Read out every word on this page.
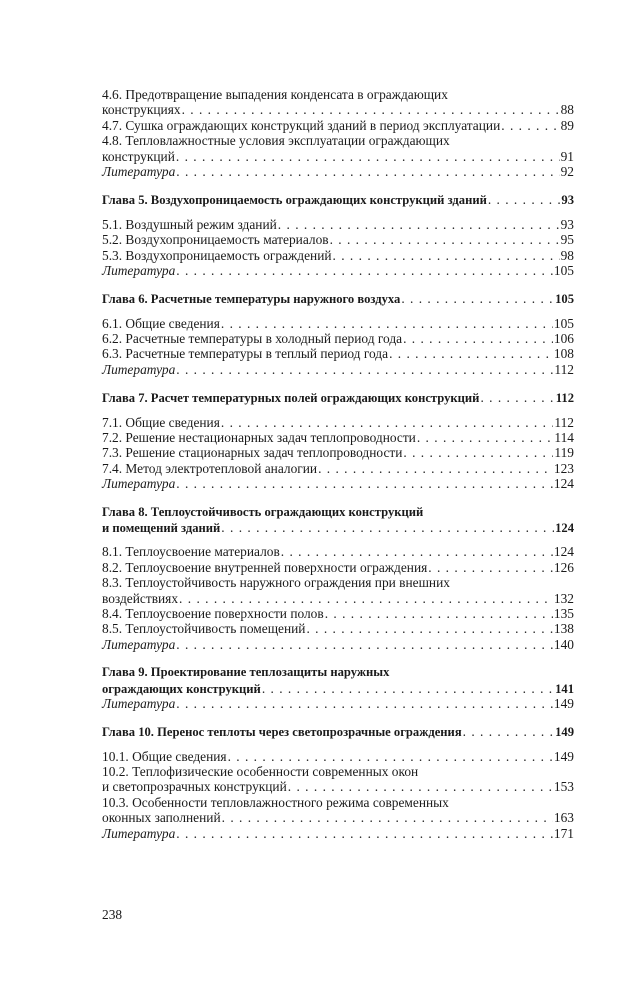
4.6. Предотвращение выпадения конденсата в ограждающих
конструкциях . . .	88
4.7. Сушка ограждающих конструкций зданий в период эксплуатации . . .	89
4.8. Тепловлажностные условия эксплуатации ограждающих
конструкций . . .	91
Литература . . .	92
Глава 5. Воздухопроницаемость ограждающих конструкций зданий . . .	93
5.1. Воздушный режим зданий . . .	93
5.2. Воздухопроницаемость материалов . . .	95
5.3. Воздухопроницаемость ограждений . . .	98
Литература . . .	105
Глава 6. Расчетные температуры наружного воздуха . . .	105
6.1. Общие сведения . . .	105
6.2. Расчетные температуры в холодный период года . . .	106
6.3. Расчетные температуры в теплый период года . . .	108
Литература . . .	112
Глава 7. Расчет температурных полей ограждающих конструкций . . .	112
7.1. Общие сведения . . .	112
7.2. Решение нестационарных задач теплопроводности . . .	114
7.3. Решение стационарных задач теплопроводности . . .	119
7.4. Метод электротепловой аналогии . . .	123
Литература . . .	124
Глава 8. Теплоустойчивость ограждающих конструкций
и помещений зданий . . .	124
8.1. Теплоусвоение материалов . . .	124
8.2. Теплоусвоение внутренней поверхности ограждения . . .	126
8.3. Теплоустойчивость наружного ограждения при внешних
воздействиях . . .	132
8.4. Теплоусвоение поверхности полов . . .	135
8.5. Теплоустойчивость помещений . . .	138
Литература . . .	140
Глава 9. Проектирование теплозащиты наружных
ограждающих конструкций . . .	141
Литература . . .	149
Глава 10. Перенос теплоты через светопрозрачные ограждения . . .	149
10.1. Общие сведения . . .	149
10.2. Теплофизические особенности современных окон
и светопрозрачных конструкций . . .	153
10.3. Особенности тепловлажностного режима современных
оконных заполнений . . .	163
Литература . . .	171
238
